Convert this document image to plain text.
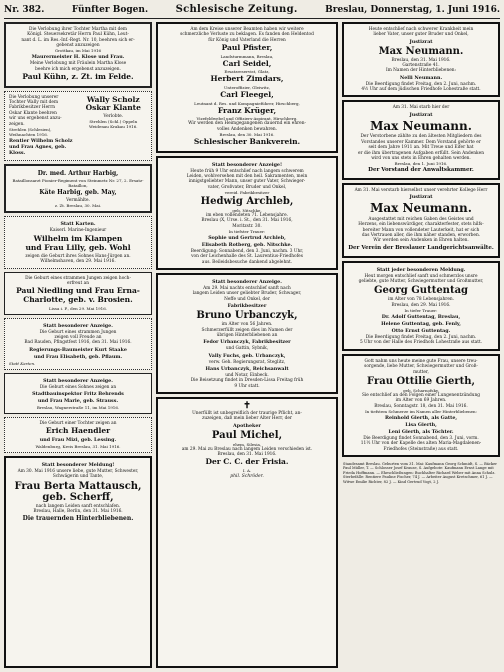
Nr. 382.	Fünfter Bogen.	Schlesische Zeitung.	Breslau, Donnerstag, 1. Juni 1916.
Die Verlobung ihrer Tochter Martha mit dem
Königl. Steuersekretär Herrn Paul Kühn, Leut-
nant d. L. im Res.-Inf.-Regt. Nr. 10, beehren sich er-
gebenst anzuzeigen
Grottkau, im Mai 1916
Maurermeister H. Klose und Frau.
Meine Verlobung mit Fräulein Martha Klose
beehre ich mich ergebenst anzuzeigen.
Paul Kühn, z. Zt. im Felde.
Die Verlobung unserer
Tochter Wally mit dem
Fabrikbesitzer Herrn
Oskar Klante beehren
wir uns ergebenst anzu-
zeigen.
Strehlen (Schlesien), Weihnachten 1916.
Rentier Wilhelm Scholz und Frau Agnes, geb. Kloss.
Wally Scholz Oskar Klante
Verlobte.
Strehlen (Schl.) Oppeln Weidenau Krakau 1916.
Dr. med. Arthur Harbig,
Bataillonsarzt Pionier-Regiment von Steinmetz Nr. 27, 2. Ersatz-Bataillon,
Käte Harbig, geb. May,
Vermählte.
z. Zt. Breslau, 30. Mai.
Statt Karten.
Kaiserl. Marine-Ingenieur
Wilhelm im Klampen
und Frau Lilly, geb. Wohl
zeigen die Geburt ihres Sohnes Hans-Jürgen an.
Wilhelmshaven, den 29. Mai 1916.
Die Geburt eines strammen Jungen zeigen hoch-
erfreut an
Paul Niedling und Frau Erna-Charlotte, geb. v. Brosien.
Lissa i. P., den 29. Mai 1916.
Statt besonderer Anzeige.
Die Geburt eines strammen Jungen
zeigen voll Freude an
Bad Rauden, Pfingstfest 1916, den 31. Mai 1916.
Regierungs-Baumeister Kurt Staake
und Frau Elisabeth, geb. Pflaum.
Statt Karten.
Statt besonderer Anzeige.
Die Geburt eines Sohnes zeigen an
Stadtbauinspektor Fritz Behrends
und Frau Marie, geb. Strauss.
Breslau, Wagnerstraße 11, im Mai 1916.
Die Geburt einer Tochter zeigen an
Erich Haendler
und Frau Mizi, geb. Lessing.
Waldenburg, Kreis Breslau, 31. Mai 1916.
Statt besonderer Meldung!
Am 30. Mai 1916 unsere liebe, gute Mutter, Schwester,
Schwägerin und Tante,
Frau Berta Mattausch, geb. Scherff,
nach langem Leiden sanft entschlafen.
Breslau, Halle, Berlin, den 31. Mai 1916.
Die trauernden Hinterbliebenen.
Am dem Kreise unserer Beamten haben wir weitere
schmerzliche Verluste zu beklagen. Es fanden den Heldentod
für König und Vaterland die Herren
Paul Pfister,
Landsturmmann, Breslau,
Carl Seidel,
Ersatzreservist, Glatz,
Herbert Zimdars,
Unteroffizier, Gleiwitz,
Carl Fleegel,
Leutnant d. Res. und Kompagnieführer, Hirschberg,
Franz Krüger,
Vizefeldwebel und Offiziers-Aspirant, Hirschberg.
Wir werden den Heimgegangenen dauernd ein ehren-
volles Andenken bewahren.
Breslau, den 30. Mai 1916.
Schlesischer Bankverein.
Statt besonderer Anzeige!
Heute früh 9 Uhr entschlief nach langem schwerem
Leiden, wohlversehen mit den heil. Sakramenten, mein
innigstgeliebter Mann, unser guter Vater, Schwieger-
vater, Großvater, Bruder und Onkel,
vereid. Fabrikbesitzer
Hedwig Archleb,
geb. Nitschke,
im eben vollendeten 71. Lebensjahre.
Breslau (X, Urse. i. St., den 31. Mai 1916,
Moritzstr. 30.
In tiefster Trauer:
Sophie und Gertrud Archleb,
Elisabeth Rotberg, geb. Nitschke.
Beerdigung: Sonnabend, den 3. Juni, nachm. 3 Uhr,
von der Leichenhalle des St. Laurentius-Friedhofes
aus. Beileidsbesuche dankend abgelehnt.
Statt besonderer Anzeige.
Am 29. Mai nachts entschlief sanft nach
langem Leiden unser geliebter Bruder, Schwager,
Neffe und Onkel, der
Fabrikbesitzer
Bruno Urbanczyk,
im Alter von 56 Jahren.
Schmerzerfüllt zeigen dies im Namen der
übrigen Hinterbliebenen an
Fedor Urbanczyk, Fabrikbesitzer
und Gattin, Sybnik,
Vally Fuchs, geb. Urbanczyk,
verw. Geh. Regierungsrat, Steglitz,
Hans Urbanczyk, Reichsanwalt
und Notar, Einbeck.
Die Beisetzung findet in Dresden-Lissa Freitag früh
9 Uhr statt.
✝
Unerfüllt ist unbegreiflich der traurige Pflicht, an-
zuzeigen, daß mein lieber Alter Herr, der
Apotheker
Paul Michel,
ehem. Silesia,
am 29. Mai zu Breslau nach langem Leiden verschieden ist.
Breslau, den 31. Mai 1916.
Der C. C. der Frisia.
I. A.
phil. Schröder.
Heute entschlief nach schwerer Krankheit mein
lieber Vater, unser guter Bruder und Onkel,
Justizrat
Max Neumann.
Breslau, den 31. Mai 1916.
Gartenstraße 41.
Im Namen der Hinterbliebenen:
Nelli Neumann.
Die Beerdigung findet Freitag, den 2. Juni, nachm.
4½ Uhr auf dem jüdischen Friedhofe Lohestraße statt.
Am 31. Mai starb hier der
Justizrat
Max Neumann.
Der Verstorbene zählte zu den ältesten Mitgliedern des
Vorstandes unserer Kammer. Dem Vorstand gehörte er
seit dem Jahre 1911 an. Mit Treue und Eifer hat
er die ihm übertragenen Aufgaben erfüllt. Sein Andenken
wird von uns stets in Ehren gehalten werden.
Breslau, den 1. Juni 1916.
Der Vorstand der Anwaltskammer.
Am 31. Mai verstarb hierselbst unser verehrter Kollege Herr
Justizrat
Max Neumann.
Ausgestattet mit reichen Gaben des Geistes und
Herzens, ein liebenswürdiger, charakterfester, stets hilfs-
bereiter Mann von vollendeter Lauterkeit, hat er sich
das Vertrauen aller, die ihm näher standen, erworben.
Wir werden sein Andenken in Ehren halten.
Der Verein der Breslauer Landgerichtsanwälte.
Statt jeder besonderen Meldung.
Heut morgen entschlief sanft und schmerzlos unsre
geliebte, gute Mutter, Schwiegermutter und Großmutter,
Georg Guttentag
im Alter von 78 Lebensjahren.
Breslau, den 29. Mai 1916.
In tiefer Trauer:
Dr. Adolf Guttentag, Breslau,
Helene Guttentag, geb. Fenly,
Otto Ernst Guttentag.
Die Beerdigung findet Freitag, den 2. Juni, nachm.
5 Uhr von der Halle des Friedhofs Lohestraße aus statt.
Gott nahm uns heute meine gute Frau, unsere treu-
sorgende, liebe Mutter, Schwiegermutter und Groß-
mutter,
Frau Ottilie Gierth,
geb. Scharnofsky,
Sie entschlief an den Folgen einer Lungenentzündung
im Alter von 69 Jahren.
Breslau, Sonntagstr. 18, den 31. Mai 1916.
In tiefstem Schmerze im Namen aller Hinterbliebenen:
Reinhold Gierth, als Gatte,
Lisa Gierth,
Leni Gierth, als Töchter.
Die Beerdigung findet Sonnabend, den 3. Juni, vorm.
11½ Uhr von der Kapelle des alten Maria-Magdalenen-
Friedhofes (Steinstraße) aus statt.
Standesamt Breslau. Geburten vom 31. Mai: Kaufmann Georg Schmidt, S. — Bäcker Paul Müller, T. — Schlosser Josef Krause, S. Aufgebote: Kaufmann Ernst Lange mit Frieda Hoffmann. — Eheschließungen: Buchhalter Richard Weber mit Anna Schulz. Sterbefälle: Rentiere Pauline Fischer, 74 J. — Arbeiter August Kretschmer, 61 J. — Witwe Emilie Richter, 82 J. — Kind Gertrud Vogt, 2 J.
